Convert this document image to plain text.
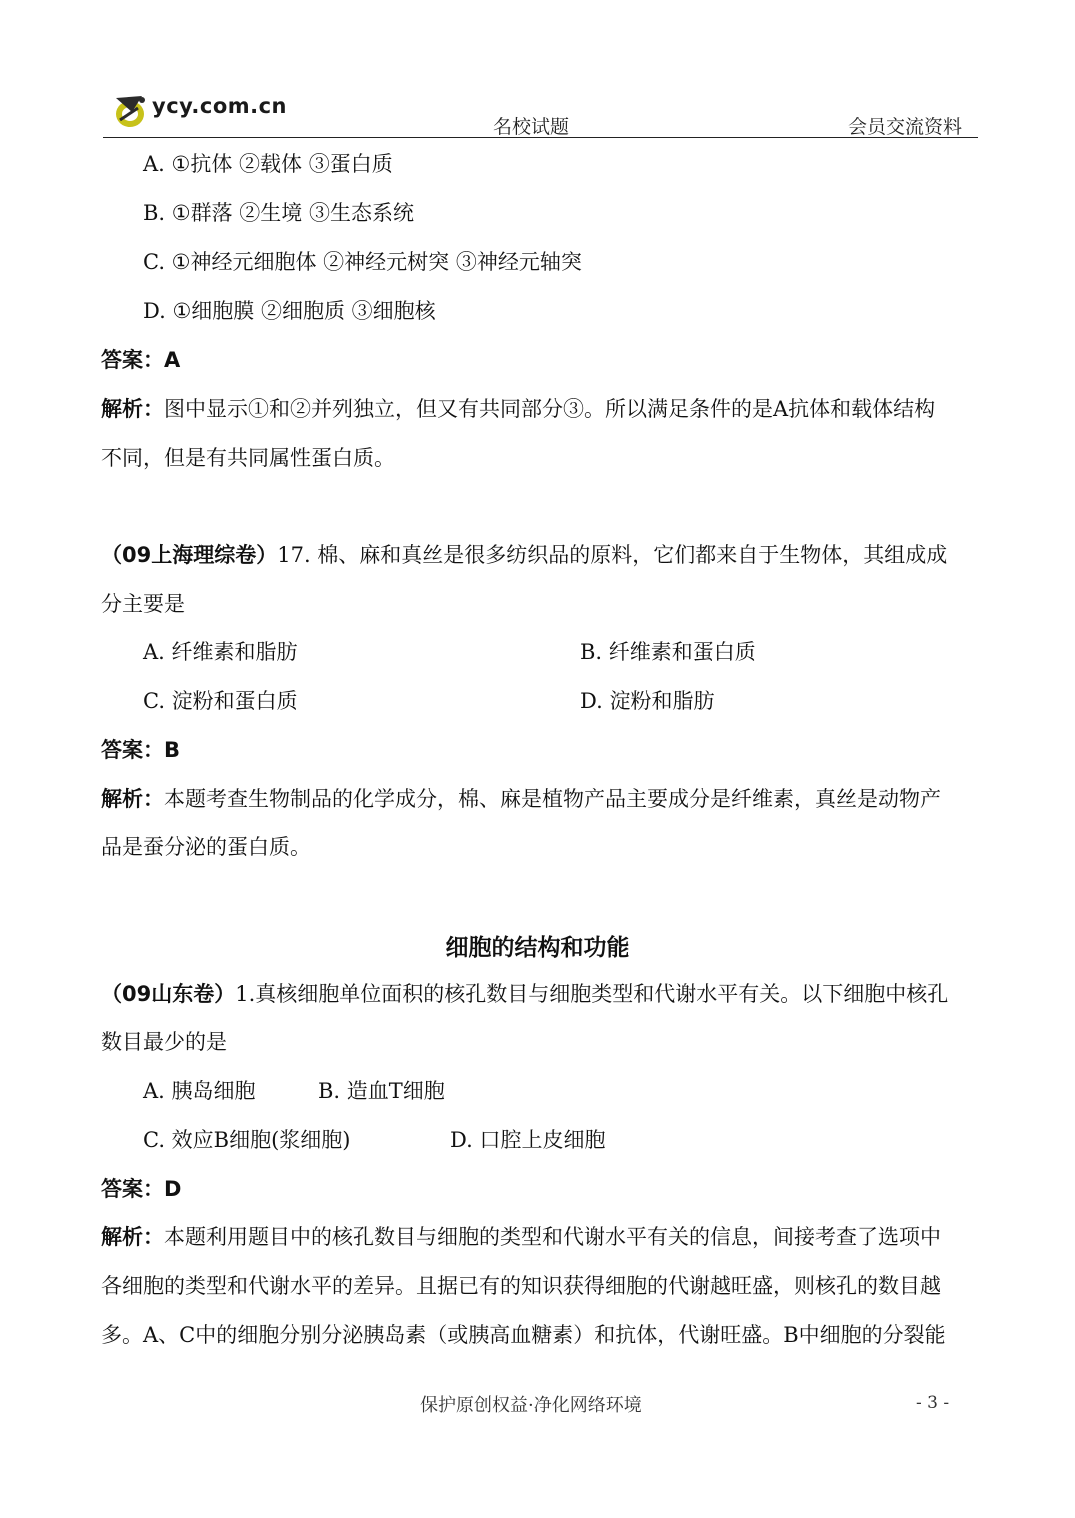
ycy.com.cn
名校试题	会员交流资料
A. ①抗体 ②载体 ③蛋白质
B. ①群落 ②生境 ③生态系统
C. ①神经元细胞体 ②神经元树突 ③神经元轴突
D. ①细胞膜 ②细胞质 ③细胞核
答案：A
解析：图中显示①和②并列独立，但又有共同部分③。所以满足条件的是A抗体和载体结构
不同，但是有共同属性蛋白质。
（09上海理综卷）17. 棉、麻和真丝是很多纺织品的原料，它们都来自于生物体，其组成成
分主要是
A. 纤维素和脂肪	B. 纤维素和蛋白质
C. 淀粉和蛋白质	D. 淀粉和脂肪
答案：B
解析：本题考查生物制品的化学成分，棉、麻是植物产品主要成分是纤维素，真丝是动物产
品是蚕分泌的蛋白质。
细胞的结构和功能
（09山东卷）1.真核细胞单位面积的核孔数目与细胞类型和代谢水平有关。以下细胞中核孔
数目最少的是
A. 胰岛细胞	B. 造血T细胞
C. 效应B细胞(浆细胞)	D. 口腔上皮细胞
答案：D
解析：本题利用题目中的核孔数目与细胞的类型和代谢水平有关的信息，间接考查了选项中
各细胞的类型和代谢水平的差异。且据已有的知识获得细胞的代谢越旺盛，则核孔的数目越
多。A、C中的细胞分别分泌胰岛素（或胰高血糖素）和抗体，代谢旺盛。B中细胞的分裂能
保护原创权益·净化网络环境	- 3 -
